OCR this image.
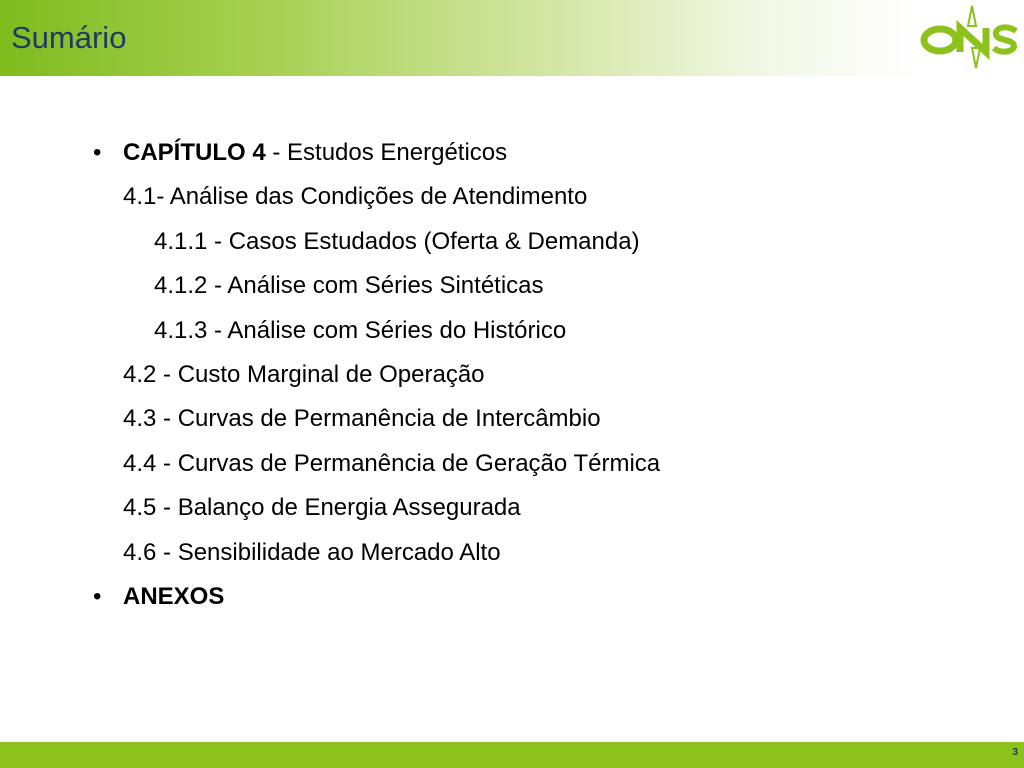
Sumário
• CAPÍTULO 4 - Estudos Energéticos
4.1- Análise das Condições de Atendimento
4.1.1 - Casos Estudados (Oferta & Demanda)
4.1.2 - Análise com Séries Sintéticas
4.1.3 - Análise com Séries do Histórico
4.2 - Custo Marginal de Operação
4.3 - Curvas de Permanência de Intercâmbio
4.4 - Curvas de Permanência de Geração Térmica
4.5 - Balanço de Energia Assegurada
4.6 - Sensibilidade ao Mercado Alto
• ANEXOS
3
